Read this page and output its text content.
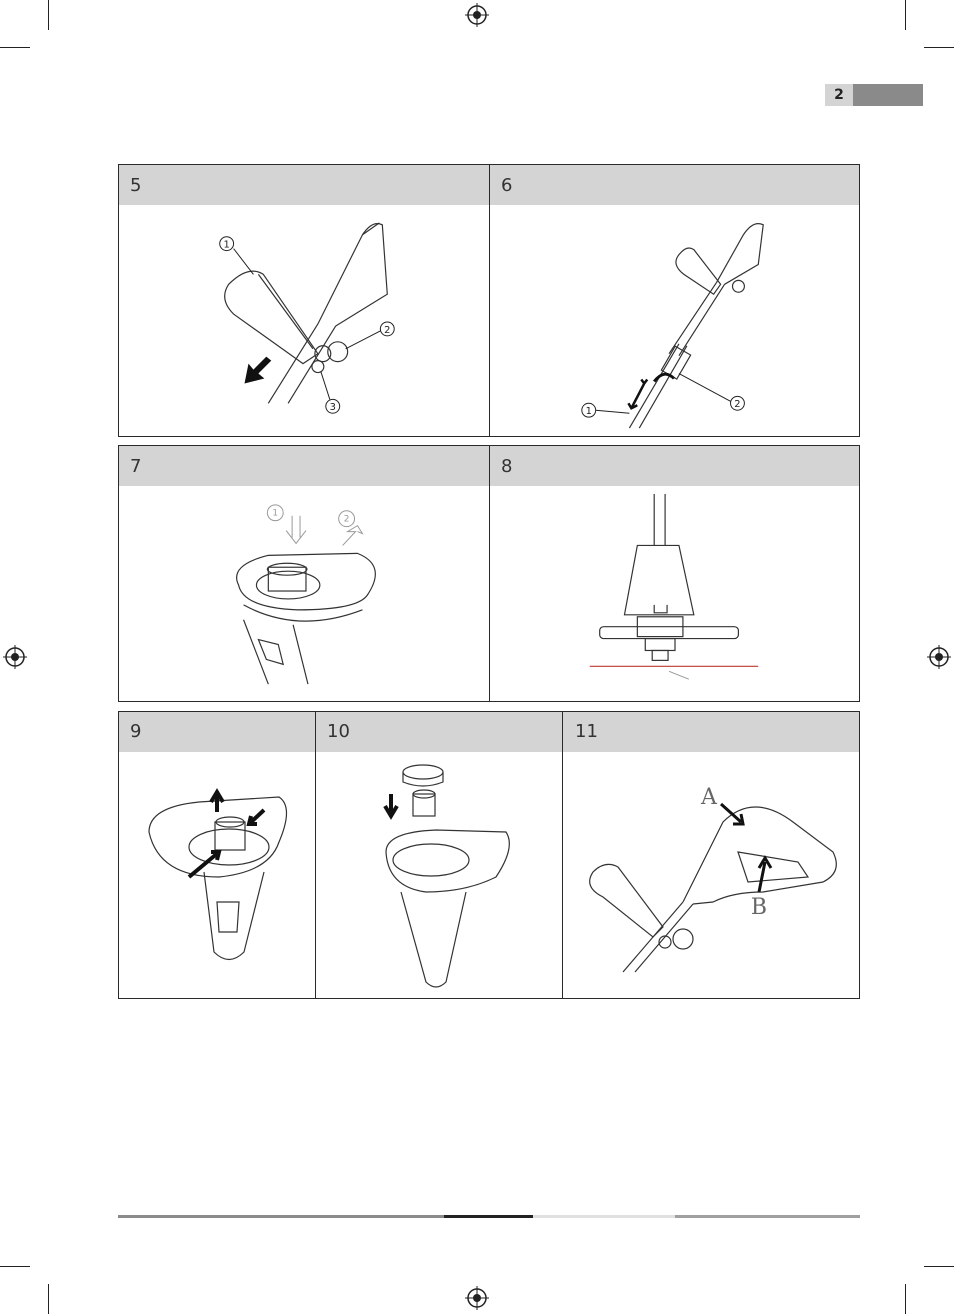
2
5
1
2
3
6
1
2
7
1
2
8
9	10	11
A
B
